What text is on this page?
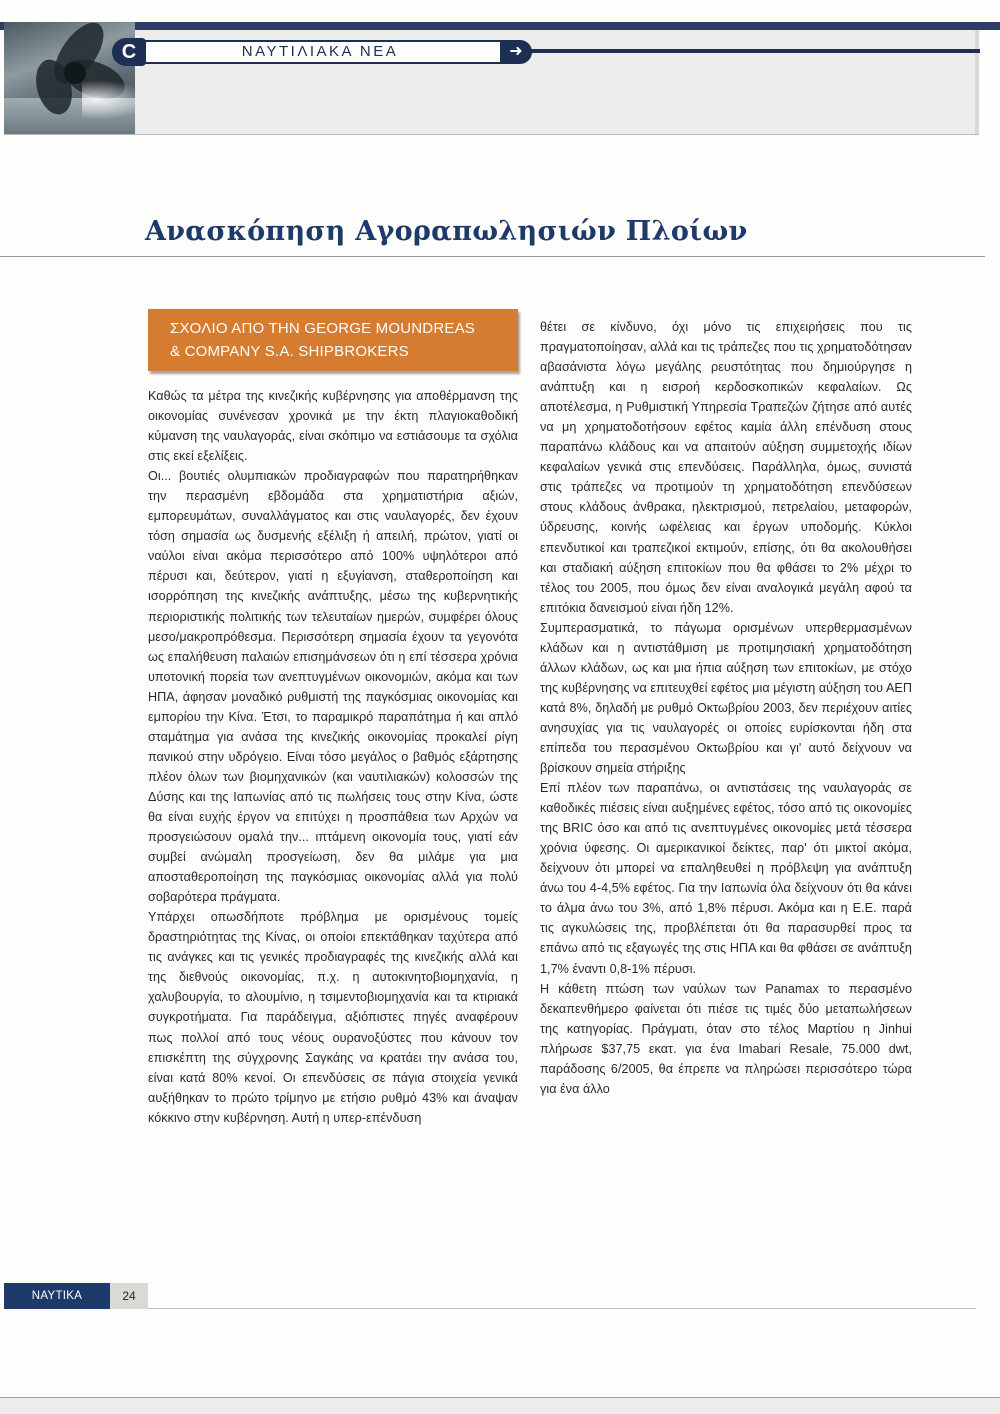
C	ΝΑΥΤΙΛΙΑΚΑ ΝΕΑ	➜
Ανασκόπηση Αγοραπωλησιών Πλοίων
ΣΧΟΛΙΟ ΑΠΟ ΤΗΝ GEORGE MOUNDREAS
& COMPANY S.A. SHIPBROKERS

Καθώς τα μέτρα της κινεζικής κυβέρνησης για αποθέρμανση της οικονομίας συνένεσαν χρονικά με την έκτη πλαγιοκαθοδική κύμανση της ναυλαγοράς, είναι σκόπιμο να εστιάσουμε τα σχόλια στις εκεί εξελίξεις.

Οι... βουτιές ολυμπιακών προδιαγραφών που παρατηρήθηκαν την περασμένη εβδομάδα στα χρηματιστήρια αξιών, εμπορευμάτων, συναλλάγματος και στις ναυλαγορές, δεν έχουν τόση σημασία ως δυσμενής εξέλιξη ή απειλή, πρώτον, γιατί οι ναύλοι είναι ακόμα περισσότερο από 100% υψηλότεροι από πέρυσι και, δεύτερον, γιατί η εξυγίανση, σταθεροποίηση και ισορρόπηση της κινεζικής ανάπτυξης, μέσω της κυβερνητικής περιοριστικής πολιτικής των τελευταίων ημερών, συμφέρει όλους μεσο/μακροπρόθεσμα. Περισσότερη σημασία έχουν τα γεγονότα ως επαλήθευση παλαιών επισημάνσεων ότι η επί τέσσερα χρόνια υποτονική πορεία των ανεπτυγμένων οικονομιών, ακόμα και των ΗΠΑ, άφησαν μοναδικό ρυθμιστή της παγκόσμιας οικονομίας και εμπορίου την Κίνα. Έτσι, το παραμικρό παραπάτημα ή και απλό σταμάτημα για ανάσα της κινεζικής οικονομίας προκαλεί ρίγη πανικού στην υδρόγειο. Είναι τόσο μεγάλος ο βαθμός εξάρτησης πλέον όλων των βιομηχανικών (και ναυτιλιακών) κολοσσών της Δύσης και της Ιαπωνίας από τις πωλήσεις τους στην Κίνα, ώστε θα είναι ευχής έργον να επιτύχει η προσπάθεια των Αρχών να προσγειώσουν ομαλά την... ιπτάμενη οικονομία τους, γιατί εάν συμβεί ανώμαλη προσγείωση, δεν θα μιλάμε για μια αποσταθεροποίηση της παγκόσμιας οικονομίας αλλά για πολύ σοβαρότερα πράγματα.

Υπάρχει οπωσδήποτε πρόβλημα με ορισμένους τομείς δραστηριότητας της Κίνας, οι οποίοι επεκτάθηκαν ταχύτερα από τις ανάγκες και τις γενικές προδιαγραφές της κινεζικής αλλά και της διεθνούς οικονομίας, π.χ. η αυτοκινητοβιομηχανία, η χαλυβουργία, το αλουμίνιο, η τσιμεντοβιομηχανία και τα κτιριακά συγκροτήματα. Για παράδειγμα, αξιόπιστες πηγές αναφέρουν πως πολλοί από τους νέους ουρανοξύστες που κάνουν τον επισκέπτη της σύγχρονης Σαγκάης να κρατάει την ανάσα του, είναι κατά 80% κενοί. Οι επενδύσεις σε πάγια στοιχεία γενικά αυξήθηκαν το πρώτο τρίμηνο με ετήσιο ρυθμό 43% και άναψαν κόκκινο στην κυβέρνηση. Αυτή η υπερ-επένδυση

θέτει σε κίνδυνο, όχι μόνο τις επιχειρήσεις που τις πραγματοποίησαν, αλλά και τις τράπεζες που τις χρηματοδότησαν αβασάνιστα λόγω μεγάλης ρευστότητας που δημιούργησε η ανάπτυξη και η εισροή κερδοσκοπικών κεφαλαίων. Ως αποτέλεσμα, η Ρυθμιστική Υπηρεσία Τραπεζών ζήτησε από αυτές να μη χρηματοδοτήσουν εφέτος καμία άλλη επένδυση στους παραπάνω κλάδους και να απαιτούν αύξηση συμμετοχής ιδίων κεφαλαίων γενικά στις επενδύσεις. Παράλληλα, όμως, συνιστά στις τράπεζες να προτιμούν τη χρηματοδότηση επενδύσεων στους κλάδους άνθρακα, ηλεκτρισμού, πετρελαίου, μεταφορών, ύδρευσης, κοινής ωφέλειας και έργων υποδομής. Κύκλοι επενδυτικοί και τραπεζικοί εκτιμούν, επίσης, ότι θα ακολουθήσει και σταδιακή αύξηση επιτοκίων που θα φθάσει το 2% μέχρι το τέλος του 2005, που όμως δεν είναι αναλογικά μεγάλη αφού τα επιτόκια δανεισμού είναι ήδη 12%.

Συμπερασματικά, το πάγωμα ορισμένων υπερθερμασμένων κλάδων και η αντιστάθμιση με προτιμησιακή χρηματοδότηση άλλων κλάδων, ως και μια ήπια αύξηση των επιτοκίων, με στόχο της κυβέρνησης να επιτευχθεί εφέτος μια μέγιστη αύξηση του ΑΕΠ κατά 8%, δηλαδή με ρυθμό Οκτωβρίου 2003, δεν περιέχουν αιτίες ανησυχίας για τις ναυλαγορές οι οποίες ευρίσκονται ήδη στα επίπεδα του περασμένου Οκτωβρίου και γι' αυτό δείχνουν να βρίσκουν σημεία στήριξης

Επί πλέον των παραπάνω, οι αντιστάσεις της ναυλαγοράς σε καθοδικές πιέσεις είναι αυξημένες εφέτος, τόσο από τις οικονομίες της BRIC όσο και από τις ανεπτυγμένες οικονομίες μετά τέσσερα χρόνια ύφεσης. Οι αμερικανικοί δείκτες, παρ' ότι μικτοί ακόμα, δείχνουν ότι μπορεί να επαληθευθεί η πρόβλεψη για ανάπτυξη άνω του 4-4,5% εφέτος. Για την Ιαπωνία όλα δείχνουν ότι θα κάνει το άλμα άνω του 3%, από 1,8% πέρυσι. Ακόμα και η Ε.Ε. παρά τις αγκυλώσεις της, προβλέπεται ότι θα παρασυρθεί προς τα επάνω από τις εξαγωγές της στις ΗΠΑ και θα φθάσει σε ανάπτυξη 1,7% έναντι 0,8-1% πέρυσι.

Η κάθετη πτώση των ναύλων των Panamax το περασμένο δεκαπενθήμερο φαίνεται ότι πιέσε τις τιμές δύο μεταπωλήσεων της κατηγορίας. Πράγματι, όταν στο τέλος Μαρτίου η Jinhui πλήρωσε $37,75 εκατ. για ένα Imabari Resale, 75.000 dwt, παράδοσης 6/2005, θα έπρεπε να πληρώσει περισσότερο τώρα για ένα άλλο

ΝΑΥΤΙΚΑ ΧΡΟΝΙΚΑ
24
